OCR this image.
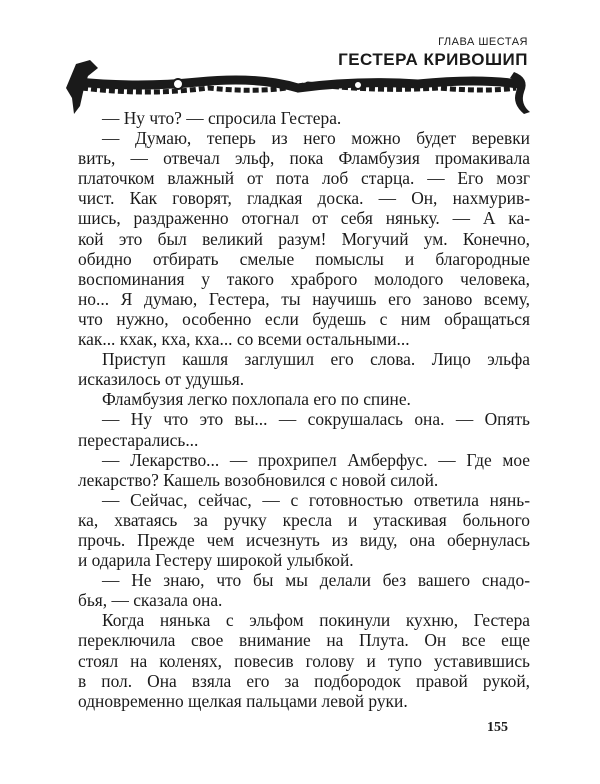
ГЛАВА ШЕСТАЯ
ГЕСТЕРА КРИВОШИП
— Ну что? — спросила Гестера.
— Думаю, теперь из него можно будет веревки
вить, — отвечал эльф, пока Фламбузия промакивала
платочком влажный от пота лоб старца. — Его мозг
чист. Как говорят, гладкая доска. — Он, нахмурив-
шись, раздраженно отогнал от себя няньку. — А ка-
кой это был великий разум! Могучий ум. Конечно,
обидно отбирать смелые помыслы и благородные
воспоминания у такого храброго молодого человека,
но... Я думаю, Гестера, ты научишь его заново всему,
что нужно, особенно если будешь с ним обращаться
как... кхак, кха, кха... со всеми остальными...
Приступ кашля заглушил его слова. Лицо эльфа
исказилось от удушья.
Фламбузия легко похлопала его по спине.
— Ну что это вы... — сокрушалась она. — Опять
перестарались...
— Лекарство... — прохрипел Амберфус. — Где мое
лекарство? Кашель возобновился с новой силой.
— Сейчас, сейчас, — с готовностью ответила нянь-
ка, хватаясь за ручку кресла и утаскивая больного
прочь. Прежде чем исчезнуть из виду, она обернулась
и одарила Гестеру широкой улыбкой.
— Не знаю, что бы мы делали без вашего снадо-
бья, — сказала она.
Когда нянька с эльфом покинули кухню, Гестера
переключила свое внимание на Плута. Он все еще
стоял на коленях, повесив голову и тупо уставившись
в пол. Она взяла его за подбородок правой рукой,
одновременно щелкая пальцами левой руки.
155
